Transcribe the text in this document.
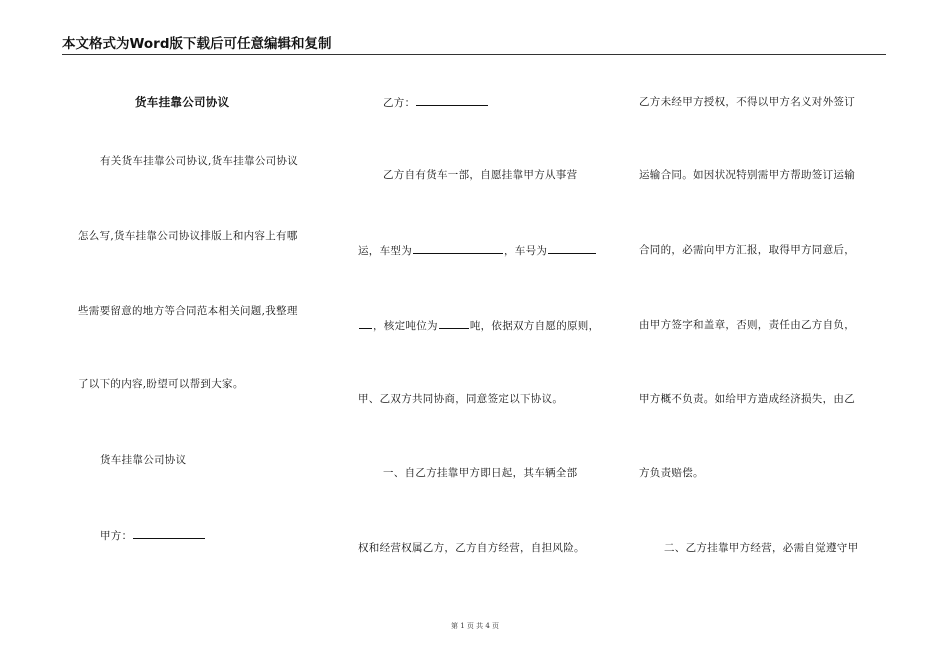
本文格式为Word版下载后可任意编辑和复制
货车挂靠公司协议
有关货车挂靠公司协议,货车挂靠公司协议
怎么写,货车挂靠公司协议排版上和内容上有哪
些需要留意的地方等合同范本相关问题,我整理
了以下的内容,盼望可以帮到大家。
货车挂靠公司协议
甲方：
乙方：
乙方自有货车一部，自愿挂靠甲方从事营
运，车型为	，车号为
，核定吨位为	吨，依据双方自愿的原则，
甲、乙双方共同协商，同意签定以下协议。
一、自乙方挂靠甲方即日起，其车辆全部
权和经营权属乙方，乙方自方经营，自担风险。
乙方未经甲方授权，不得以甲方名义对外签订
运输合同。如因状况特别需甲方帮助签订运输
合同的，必需向甲方汇报，取得甲方同意后，
由甲方签字和盖章，否则，责任由乙方自负，
甲方概不负责。如给甲方造成经济损失，由乙
方负责赔偿。
二、乙方挂靠甲方经营，必需自觉遵守甲
第 1 页 共 4 页
